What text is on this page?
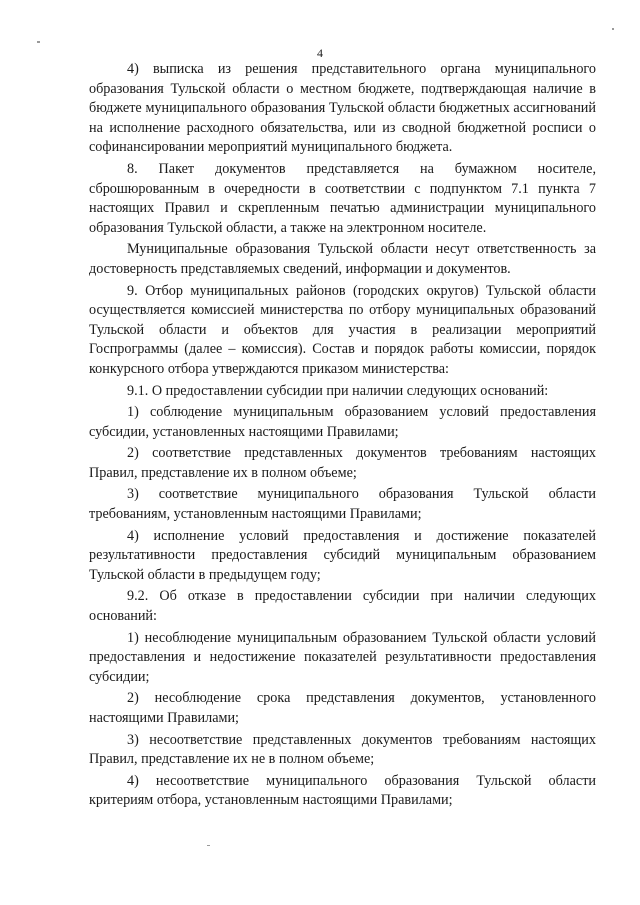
4

4) выписка из решения представительного органа муниципального образования Тульской области о местном бюджете, подтверждающая наличие в бюджете муниципального образования Тульской области бюджетных ассигнований на исполнение расходного обязательства, или из сводной бюджетной росписи о софинансировании мероприятий муниципального бюджета.

8. Пакет документов представляется на бумажном носителе, сброшюрованным в очередности в соответствии с подпунктом 7.1 пункта 7 настоящих Правил и скрепленным печатью администрации муниципального образования Тульской области, а также на электронном носителе.

Муниципальные образования Тульской области несут ответственность за достоверность представляемых сведений, информации и документов.

9. Отбор муниципальных районов (городских округов) Тульской области осуществляется комиссией министерства по отбору муниципальных образований Тульской области и объектов для участия в реализации мероприятий Госпрограммы (далее – комиссия). Состав и порядок работы комиссии, порядок конкурсного отбора утверждаются приказом министерства:

9.1. О предоставлении субсидии при наличии следующих оснований:

1) соблюдение муниципальным образованием условий предоставления субсидии, установленных настоящими Правилами;

2) соответствие представленных документов требованиям настоящих Правил, представление их в полном объеме;

3) соответствие муниципального образования Тульской области требованиям, установленным настоящими Правилами;

4) исполнение условий предоставления и достижение показателей результативности предоставления субсидий муниципальным образованием Тульской области в предыдущем году;

9.2. Об отказе в предоставлении субсидии при наличии следующих оснований:

1) несоблюдение муниципальным образованием Тульской области условий предоставления и недостижение показателей результативности предоставления субсидии;

2) несоблюдение срока представления документов, установленного настоящими Правилами;

3) несоответствие представленных документов требованиям настоящих Правил, представление их не в полном объеме;

4) несоответствие муниципального образования Тульской области критериям отбора, установленным настоящими Правилами;
